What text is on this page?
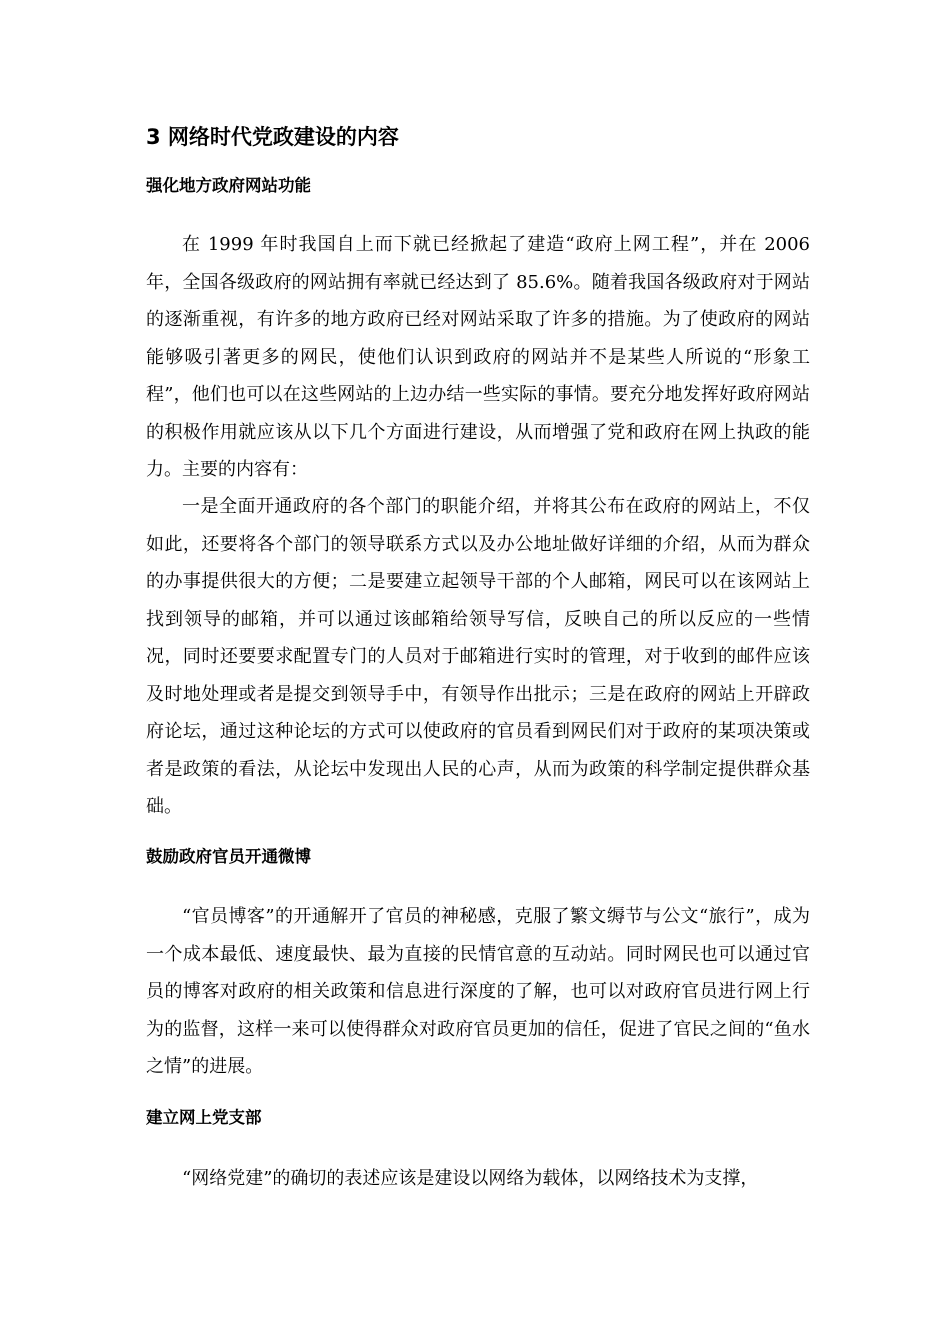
3 网络时代党政建设的内容
强化地方政府网站功能

在 1999 年时我国自上而下就已经掀起了建造“政府上网工程”，并在 2006 年，全国各级政府的网站拥有率就已经达到了 85.6%。随着我国各级政府对于网站的逐渐重视，有许多的地方政府已经对网站采取了许多的措施。为了使政府的网站能够吸引著更多的网民，使他们认识到政府的网站并不是某些人所说的“形象工程”，他们也可以在这些网站的上边办结一些实际的事情。要充分地发挥好政府网站的积极作用就应该从以下几个方面进行建设，从而增强了党和政府在网上执政的能力。主要的内容有：

一是全面开通政府的各个部门的职能介绍，并将其公布在政府的网站上，不仅如此，还要将各个部门的领导联系方式以及办公地址做好详细的介绍，从而为群众的办事提供很大的方便；二是要建立起领导干部的个人邮箱，网民可以在该网站上找到领导的邮箱，并可以通过该邮箱给领导写信，反映自己的所以反应的一些情况，同时还要要求配置专门的人员对于邮箱进行实时的管理，对于收到的邮件应该及时地处理或者是提交到领导手中，有领导作出批示；三是在政府的网站上开辟政府论坛，通过这种论坛的方式可以使政府的官员看到网民们对于政府的某项决策或者是政策的看法，从论坛中发现出人民的心声，从而为政策的科学制定提供群众基础。

鼓励政府官员开通微博

“官员博客”的开通解开了官员的神秘感，克服了繁文缛节与公文“旅行”，成为一个成本最低、速度最快、最为直接的民情官意的互动站。同时网民也可以通过官员的博客对政府的相关政策和信息进行深度的了解，也可以对政府官员进行网上行为的监督，这样一来可以使得群众对政府官员更加的信任，促进了官民之间的“鱼水之情”的进展。

建立网上党支部

“网络党建”的确切的表述应该是建设以网络为载体，以网络技术为支撑，
